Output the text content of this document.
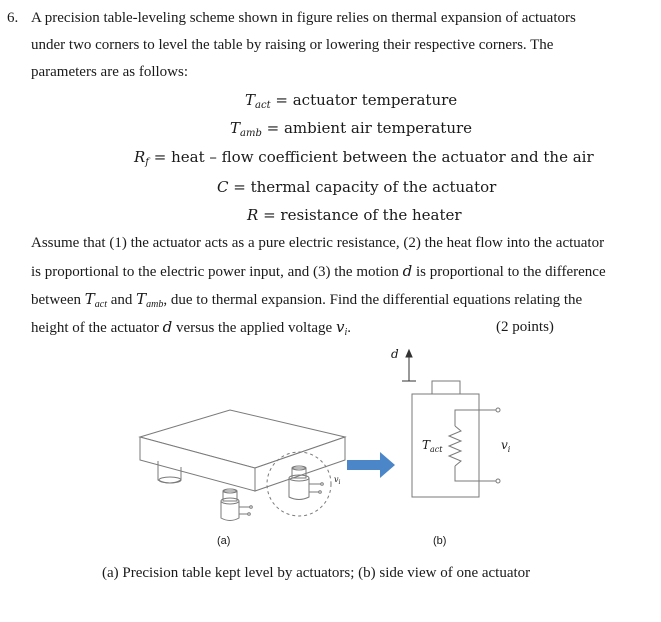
6. A precision table-leveling scheme shown in figure relies on thermal expansion of actuators
under two corners to level the table by raising or lowering their respective corners. The
parameters are as follows:
$T_{act}$ = actuator temperature
$T_{amb}$ = ambient air temperature
$R_f$ = heat – flow coefficient between the actuator and the air
C = thermal capacity of the actuator
R = resistance of the heater
Assume that (1) the actuator acts as a pure electric resistance, (2) the heat flow into the actuator
is proportional to the electric power input, and (3) the motion d is proportional to the difference
between $T_{act}$ and $T_{amb}$, due to thermal expansion. Find the differential equations relating the
height of the actuator d versus the applied voltage $v_i$.	(2 points)
d
$v_i$
$T_{act}$	$v_i$
(a)	(b)
(a) Precision table kept level by actuators; (b) side view of one actuator
